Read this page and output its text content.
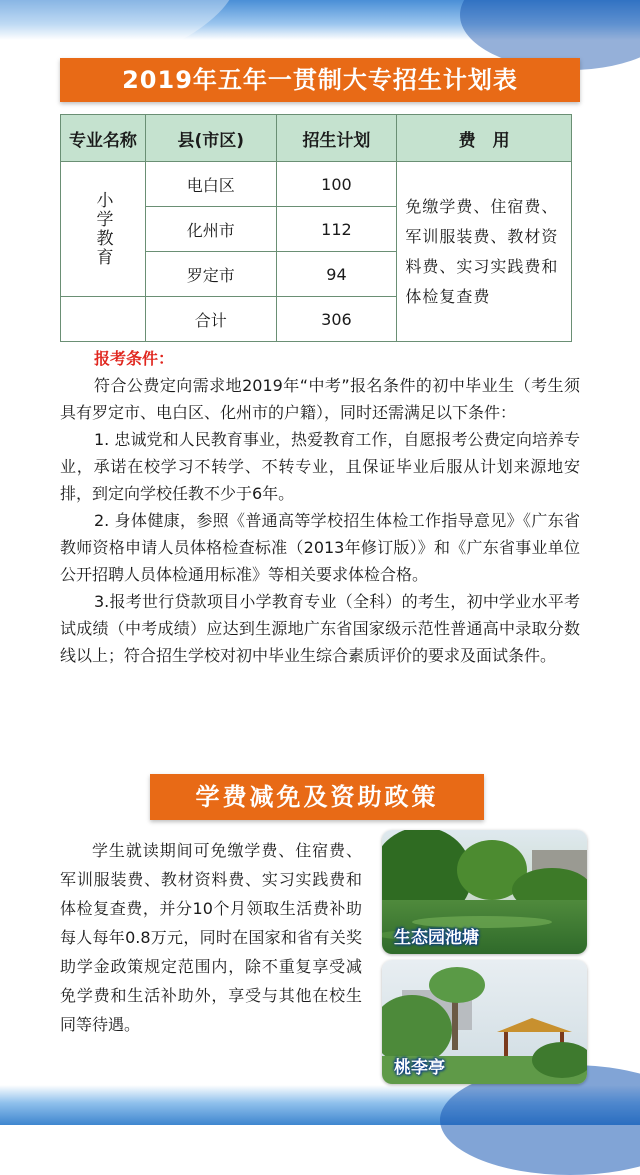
2019年五年一贯制大专招生计划表
专业名称	县(市区)	招生计划	费　用
小学教育	电白区	100	免缴学费、住宿费、军训服装费、教材资料费、实习实践费和体检复查费
	化州市	112	
	罗定市	94	
	合计	306	
报考条件：

符合公费定向需求地2019年“中考”报名条件的初中毕业生（考生须具有罗定市、电白区、化州市的户籍），同时还需满足以下条件：

1. 忠诚党和人民教育事业，热爱教育工作，自愿报考公费定向培养专业，承诺在校学习不转学、不转专业，且保证毕业后服从计划来源地安排，到定向学校任教不少于6年。

2. 身体健康，参照《普通高等学校招生体检工作指导意见》《广东省教师资格申请人员体格检查标准（2013年修订版）》和《广东省事业单位公开招聘人员体检通用标准》等相关要求体检合格。

3.报考世行贷款项目小学教育专业（全科）的考生，初中学业水平考试成绩（中考成绩）应达到生源地广东省国家级示范性普通高中录取分数线以上；符合招生学校对初中毕业生综合素质评价的要求及面试条件。

学费减免及资助政策

学生就读期间可免缴学费、住宿费、军训服装费、教材资料费、实习实践费和体检复查费，并分10个月领取生活费补助每人每年0.8万元，同时在国家和省有关奖助学金政策规定范围内，除不重复享受减免学费和生活补助外，享受与其他在校生同等待遇。

生态园池塘
桃李亭
